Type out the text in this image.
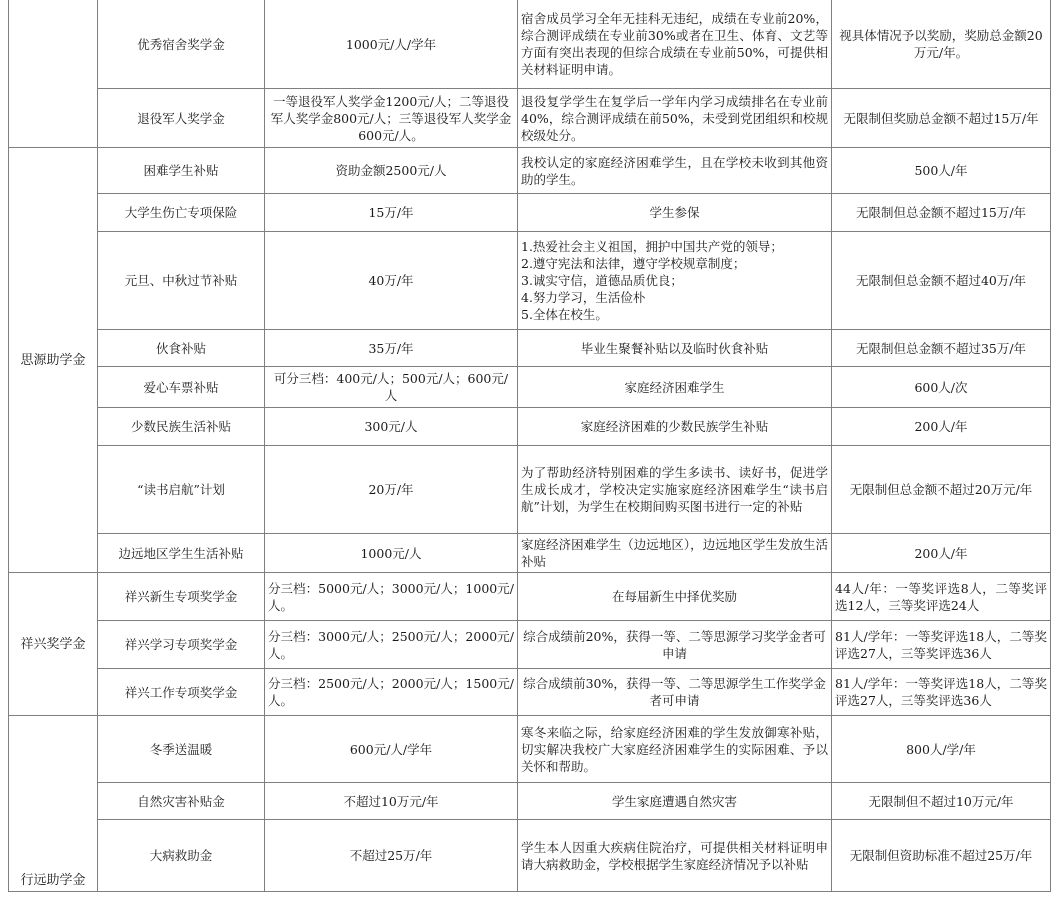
	优秀宿舍奖学金	1000元/人/学年	宿舍成员学习全年无挂科无违纪，成绩在专业前20%，综合测评成绩在专业前30%或者在卫生、体育、文艺等方面有突出表现的但综合成绩在专业前50%，可提供相关材料证明申请。	视具体情况予以奖励，奖励总金额20万元/年。
	退役军人奖学金	一等退役军人奖学金1200元/人；二等退役军人奖学金800元/人；三等退役军人奖学金600元/人。	退役复学学生在复学后一学年内学习成绩排名在专业前40%，综合测评成绩在前50%，未受到党团组织和校规校级处分。	无限制但奖励总金额不超过15万/年
思源助学金	困难学生补贴	资助金额2500元/人	我校认定的家庭经济困难学生，且在学校未收到其他资助的学生。	500人/年
	大学生伤亡专项保险	15万/年	学生参保	无限制但总金额不超过15万/年
	元旦、中秋过节补贴	40万/年	1.热爱社会主义祖国，拥护中国共产党的领导；
2.遵守宪法和法律，遵守学校规章制度；
3.诚实守信，道德品质优良；
4.努力学习，生活俭朴
5.全体在校生。	无限制但总金额不超过40万/年
	伙食补贴	35万/年	毕业生聚餐补贴以及临时伙食补贴	无限制但总金额不超过35万/年
	爱心车票补贴	可分三档：400元/人；500元/人；600元/人	家庭经济困难学生	600人/次
	少数民族生活补贴	300元/人	家庭经济困难的少数民族学生补贴	200人/年
	“读书启航”计划	20万/年	为了帮助经济特别困难的学生多读书、读好书，促进学生成长成才，学校决定实施家庭经济困难学生“读书启航”计划，为学生在校期间购买图书进行一定的补贴	无限制但总金额不超过20万元/年
	边远地区学生生活补贴	1000元/人	家庭经济困难学生（边远地区），边远地区学生发放生活补贴	200人/年
祥兴奖学金	祥兴新生专项奖学金	分三档：5000元/人；3000元/人；1000元/人。	在每届新生中择优奖励	44人/年：一等奖评选8人，二等奖评选12人，三等奖评选24人
	祥兴学习专项奖学金	分三档：3000元/人；2500元/人；2000元/人。	综合成绩前20%，获得一等、二等思源学习奖学金者可申请	81人/学年：一等奖评选18人，二等奖评选27人，三等奖评选36人
	祥兴工作专项奖学金	分三档：2500元/人；2000元/人；1500元/人。	综合成绩前30%，获得一等、二等思源学生工作奖学金者可申请	81人/学年：一等奖评选18人，二等奖评选27人，三等奖评选36人

行远助学金	冬季送温暖	600元/人/学年	寒冬来临之际，给家庭经济困难的学生发放御寒补贴，切实解决我校广大家庭经济困难学生的实际困难、予以关怀和帮助。	800人/学/年
	自然灾害补贴金	不超过10万元/年	学生家庭遭遇自然灾害	无限制但不超过10万元/年
	大病救助金	不超过25万/年	学生本人因重大疾病住院治疗，可提供相关材料证明申请大病救助金，学校根据学生家庭经济情况予以补贴	无限制但资助标准不超过25万/年
